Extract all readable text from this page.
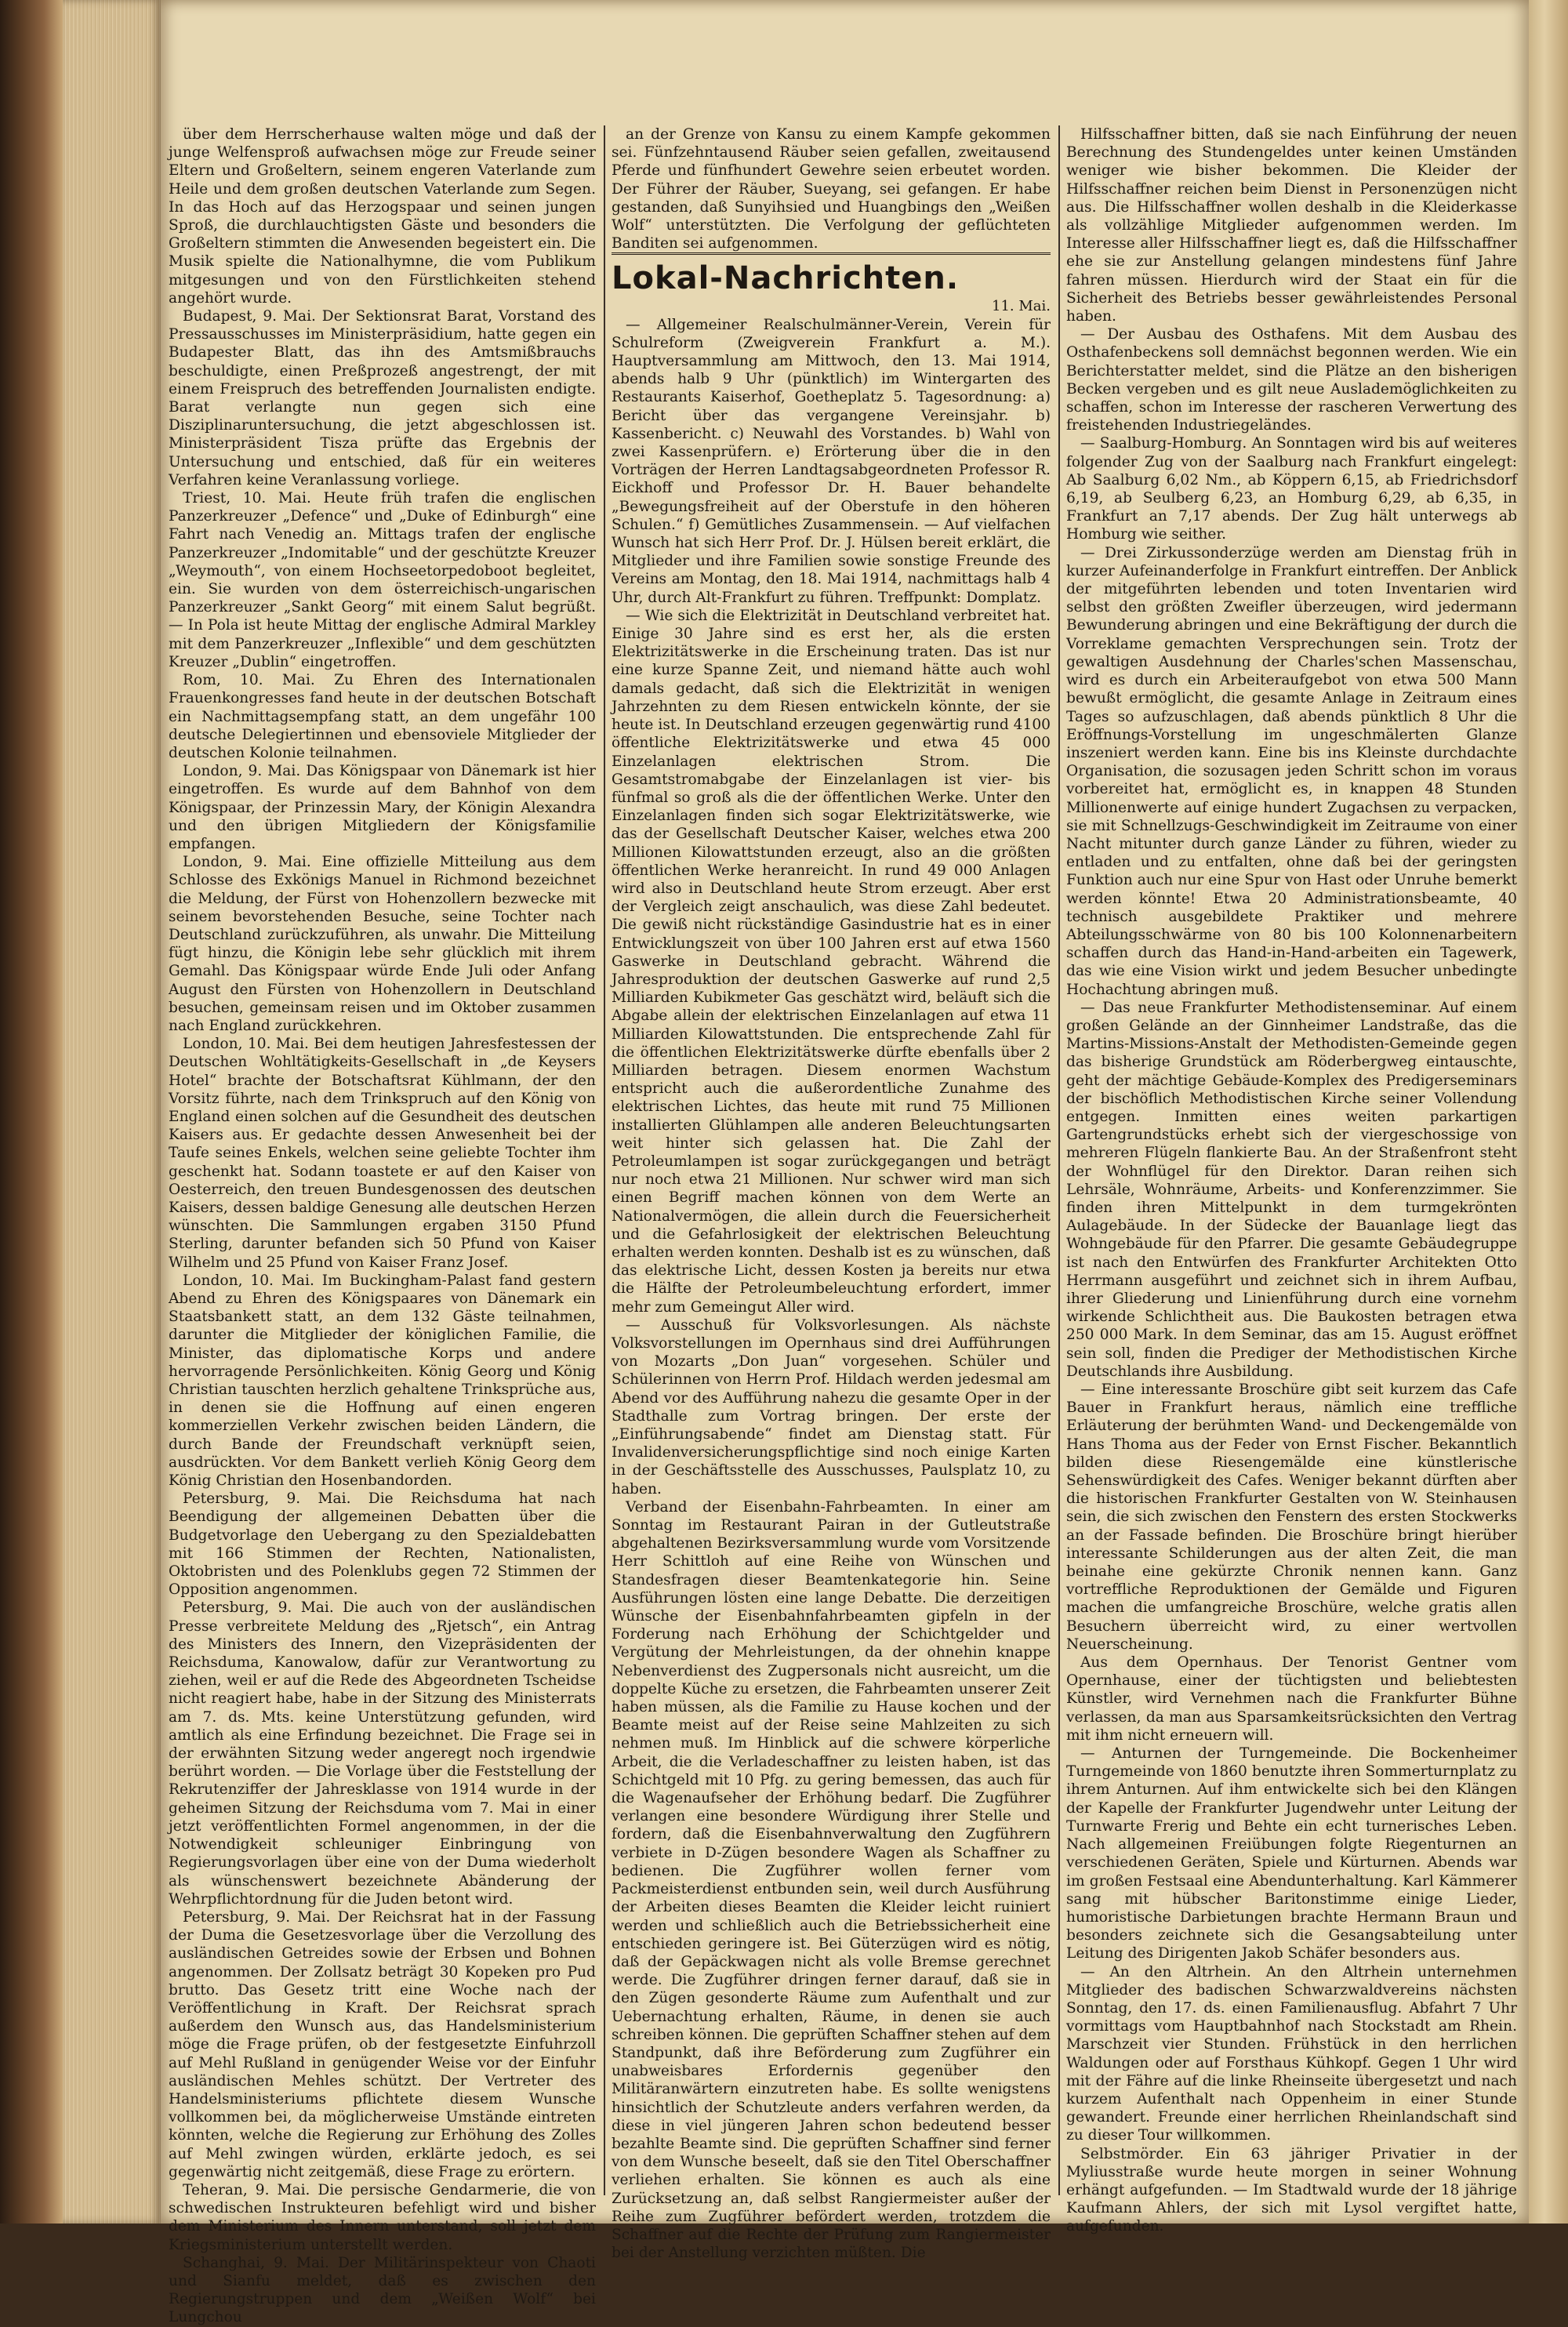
über dem Herrscherhause walten möge und daß der junge Welfensproß aufwachsen möge zur Freude seiner Eltern und Großeltern, seinem engeren Vaterlande zum Heile und dem großen deutschen Vaterlande zum Segen. In das Hoch auf das Herzogspaar und seinen jungen Sproß, die durchlauchtigsten Gäste und besonders die Großeltern stimmten die Anwesenden begeistert ein. Die Musik spielte die Nationalhymne, die vom Publikum mitgesungen und von den Fürstlichkeiten stehend angehört wurde.

Budapest, 9. Mai. Der Sektionsrat Barat, Vorstand des Pressausschusses im Ministerpräsidium, hatte gegen ein Budapester Blatt, das ihn des Amtsmißbrauchs beschuldigte, einen Preßprozeß angestrengt, der mit einem Freispruch des betreffenden Journalisten endigte. Barat verlangte nun gegen sich eine Disziplinaruntersuchung, die jetzt abgeschlossen ist. Ministerpräsident Tisza prüfte das Ergebnis der Untersuchung und entschied, daß für ein weiteres Verfahren keine Veranlassung vorliege.

Triest, 10. Mai. Heute früh trafen die englischen Panzerkreuzer „Defence“ und „Duke of Edinburgh“ eine Fahrt nach Venedig an. Mittags trafen der englische Panzerkreuzer „Indomitable“ und der geschützte Kreuzer „Weymouth“, von einem Hochseetorpedoboot begleitet, ein. Sie wurden von dem österreichisch-ungarischen Panzerkreuzer „Sankt Georg“ mit einem Salut begrüßt. — In Pola ist heute Mittag der englische Admiral Markley mit dem Panzerkreuzer „Inflexible“ und dem geschützten Kreuzer „Dublin“ eingetroffen.

Rom, 10. Mai. Zu Ehren des Internationalen Frauenkongresses fand heute in der deutschen Botschaft ein Nachmittagsempfang statt, an dem ungefähr 100 deutsche Delegiertinnen und ebensoviele Mitglieder der deutschen Kolonie teilnahmen.

London, 9. Mai. Das Königspaar von Dänemark ist hier eingetroffen. Es wurde auf dem Bahnhof von dem Königspaar, der Prinzessin Mary, der Königin Alexandra und den übrigen Mitgliedern der Königsfamilie empfangen.

London, 9. Mai. Eine offizielle Mitteilung aus dem Schlosse des Exkönigs Manuel in Richmond bezeichnet die Meldung, der Fürst von Hohenzollern bezwecke mit seinem bevorstehenden Besuche, seine Tochter nach Deutschland zurückzuführen, als unwahr. Die Mitteilung fügt hinzu, die Königin lebe sehr glücklich mit ihrem Gemahl. Das Königspaar würde Ende Juli oder Anfang August den Fürsten von Hohenzollern in Deutschland besuchen, gemeinsam reisen und im Oktober zusammen nach England zurückkehren.

London, 10. Mai. Bei dem heutigen Jahresfestessen der Deutschen Wohltätigkeits-Gesellschaft in „de Keysers Hotel“ brachte der Botschaftsrat Kühlmann, der den Vorsitz führte, nach dem Trinkspruch auf den König von England einen solchen auf die Gesundheit des deutschen Kaisers aus. Er gedachte dessen Anwesenheit bei der Taufe seines Enkels, welchen seine geliebte Tochter ihm geschenkt hat. Sodann toastete er auf den Kaiser von Oesterreich, den treuen Bundesgenossen des deutschen Kaisers, dessen baldige Genesung alle deutschen Herzen wünschten. Die Sammlungen ergaben 3150 Pfund Sterling, darunter befanden sich 50 Pfund von Kaiser Wilhelm und 25 Pfund von Kaiser Franz Josef.

London, 10. Mai. Im Buckingham-Palast fand gestern Abend zu Ehren des Königspaares von Dänemark ein Staatsbankett statt, an dem 132 Gäste teilnahmen, darunter die Mitglieder der königlichen Familie, die Minister, das diplomatische Korps und andere hervorragende Persönlichkeiten. König Georg und König Christian tauschten herzlich gehaltene Trinksprüche aus, in denen sie die Hoffnung auf einen engeren kommerziellen Verkehr zwischen beiden Ländern, die durch Bande der Freundschaft verknüpft seien, ausdrückten. Vor dem Bankett verlieh König Georg dem König Christian den Hosenbandorden.

Petersburg, 9. Mai. Die Reichsduma hat nach Beendigung der allgemeinen Debatten über die Budgetvorlage den Uebergang zu den Spezialdebatten mit 166 Stimmen der Rechten, Nationalisten, Oktobristen und des Polenklubs gegen 72 Stimmen der Opposition angenommen.

Petersburg, 9. Mai. Die auch von der ausländischen Presse verbreitete Meldung des „Rjetsch“, ein Antrag des Ministers des Innern, den Vizepräsidenten der Reichsduma, Kanowalow, dafür zur Verantwortung zu ziehen, weil er auf die Rede des Abgeordneten Tscheidse nicht reagiert habe, habe in der Sitzung des Ministerrats am 7. ds. Mts. keine Unterstützung gefunden, wird amtlich als eine Erfindung bezeichnet. Die Frage sei in der erwähnten Sitzung weder angeregt noch irgendwie berührt worden. — Die Vorlage über die Feststellung der Rekrutenziffer der Jahresklasse von 1914 wurde in der geheimen Sitzung der Reichsduma vom 7. Mai in einer jetzt veröffentlichten Formel angenommen, in der die Notwendigkeit schleuniger Einbringung von Regierungsvorlagen über eine von der Duma wiederholt als wünschenswert bezeichnete Abänderung der Wehrpflichtordnung für die Juden betont wird.

Petersburg, 9. Mai. Der Reichsrat hat in der Fassung der Duma die Gesetzesvorlage über die Verzollung des ausländischen Getreides sowie der Erbsen und Bohnen angenommen. Der Zollsatz beträgt 30 Kopeken pro Pud brutto. Das Gesetz tritt eine Woche nach der Veröffentlichung in Kraft. Der Reichsrat sprach außerdem den Wunsch aus, das Handelsministerium möge die Frage prüfen, ob der festgesetzte Einfuhrzoll auf Mehl Rußland in genügender Weise vor der Einfuhr ausländischen Mehles schützt. Der Vertreter des Handelsministeriums pflichtete diesem Wunsche vollkommen bei, da möglicherweise Umstände eintreten könnten, welche die Regierung zur Erhöhung des Zolles auf Mehl zwingen würden, erklärte jedoch, es sei gegenwärtig nicht zeitgemäß, diese Frage zu erörtern.

Teheran, 9. Mai. Die persische Gendarmerie, die von schwedischen Instrukteuren befehligt wird und bisher dem Ministerium des Innern unterstand, soll jetzt dem Kriegsministerium unterstellt werden.

Schanghai, 9. Mai. Der Militärinspekteur von Chaoti und Sianfu meldet, daß es zwischen den Regierungstruppen und dem „Weißen Wolf“ bei Lungchou

an der Grenze von Kansu zu einem Kampfe gekommen sei. Fünfzehntausend Räuber seien gefallen, zweitausend Pferde und fünfhundert Gewehre seien erbeutet worden. Der Führer der Räuber, Sueyang, sei gefangen. Er habe gestanden, daß Sunyihsied und Huangbings den „Weißen Wolf“ unterstützten. Die Verfolgung der geflüchteten Banditen sei aufgenommen.

Lokal-Nachrichten.
11. Mai.

— Allgemeiner Realschulmänner-Verein, Verein für Schulreform (Zweigverein Frankfurt a. M.). Hauptversammlung am Mittwoch, den 13. Mai 1914, abends halb 9 Uhr (pünktlich) im Wintergarten des Restaurants Kaiserhof, Goetheplatz 5. Tagesordnung: a) Bericht über das vergangene Vereinsjahr. b) Kassenbericht. c) Neuwahl des Vorstandes. b) Wahl von zwei Kassenprüfern. e) Erörterung über die in den Vorträgen der Herren Landtagsabgeordneten Professor R. Eickhoff und Professor Dr. H. Bauer behandelte „Bewegungsfreiheit auf der Oberstufe in den höheren Schulen.“ f) Gemütliches Zusammensein. — Auf vielfachen Wunsch hat sich Herr Prof. Dr. J. Hülsen bereit erklärt, die Mitglieder und ihre Familien sowie sonstige Freunde des Vereins am Montag, den 18. Mai 1914, nachmittags halb 4 Uhr, durch Alt-Frankfurt zu führen. Treffpunkt: Domplatz.

— Wie sich die Elektrizität in Deutschland verbreitet hat. Einige 30 Jahre sind es erst her, als die ersten Elektrizitätswerke in die Erscheinung traten. Das ist nur eine kurze Spanne Zeit, und niemand hätte auch wohl damals gedacht, daß sich die Elektrizität in wenigen Jahrzehnten zu dem Riesen entwickeln könnte, der sie heute ist. In Deutschland erzeugen gegenwärtig rund 4100 öffentliche Elektrizitätswerke und etwa 45 000 Einzelanlagen elektrischen Strom. Die Gesamtstromabgabe der Einzelanlagen ist vier- bis fünfmal so groß als die der öffentlichen Werke. Unter den Einzelanlagen finden sich sogar Elektrizitätswerke, wie das der Gesellschaft Deutscher Kaiser, welches etwa 200 Millionen Kilowattstunden erzeugt, also an die größten öffentlichen Werke heranreicht. In rund 49 000 Anlagen wird also in Deutschland heute Strom erzeugt. Aber erst der Vergleich zeigt anschaulich, was diese Zahl bedeutet. Die gewiß nicht rückständige Gasindustrie hat es in einer Entwicklungszeit von über 100 Jahren erst auf etwa 1560 Gaswerke in Deutschland gebracht. Während die Jahresproduktion der deutschen Gaswerke auf rund 2,5 Milliarden Kubikmeter Gas geschätzt wird, beläuft sich die Abgabe allein der elektrischen Einzelanlagen auf etwa 11 Milliarden Kilowattstunden. Die entsprechende Zahl für die öffentlichen Elektrizitätswerke dürfte ebenfalls über 2 Milliarden betragen. Diesem enormen Wachstum entspricht auch die außerordentliche Zunahme des elektrischen Lichtes, das heute mit rund 75 Millionen installierten Glühlampen alle anderen Beleuchtungsarten weit hinter sich gelassen hat. Die Zahl der Petroleumlampen ist sogar zurückgegangen und beträgt nur noch etwa 21 Millionen. Nur schwer wird man sich einen Begriff machen können von dem Werte an Nationalvermögen, die allein durch die Feuersicherheit und die Gefahrlosigkeit der elektrischen Beleuchtung erhalten werden konnten. Deshalb ist es zu wünschen, daß das elektrische Licht, dessen Kosten ja bereits nur etwa die Hälfte der Petroleumbeleuchtung erfordert, immer mehr zum Gemeingut Aller wird.

— Ausschuß für Volksvorlesungen. Als nächste Volksvorstellungen im Opernhaus sind drei Aufführungen von Mozarts „Don Juan“ vorgesehen. Schüler und Schülerinnen von Herrn Prof. Hildach werden jedesmal am Abend vor des Aufführung nahezu die gesamte Oper in der Stadthalle zum Vortrag bringen. Der erste der „Einführungsabende“ findet am Dienstag statt. Für Invalidenversicherungspflichtige sind noch einige Karten in der Geschäftsstelle des Ausschusses, Paulsplatz 10, zu haben.

Verband der Eisenbahn-Fahrbeamten. In einer am Sonntag im Restaurant Pairan in der Gutleutstraße abgehaltenen Bezirksversammlung wurde vom Vorsitzende Herr Schittloh auf eine Reihe von Wünschen und Standesfragen dieser Beamtenkategorie hin. Seine Ausführungen lösten eine lange Debatte. Die derzeitigen Wünsche der Eisenbahnfahrbeamten gipfeln in der Forderung nach Erhöhung der Schichtgelder und Vergütung der Mehrleistungen, da der ohnehin knappe Nebenverdienst des Zugpersonals nicht ausreicht, um die doppelte Küche zu ersetzen, die Fahrbeamten unserer Zeit haben müssen, als die Familie zu Hause kochen und der Beamte meist auf der Reise seine Mahlzeiten zu sich nehmen muß. Im Hinblick auf die schwere körperliche Arbeit, die die Verladeschaffner zu leisten haben, ist das Schichtgeld mit 10 Pfg. zu gering bemessen, das auch für die Wagenaufseher der Erhöhung bedarf. Die Zugführer verlangen eine besondere Würdigung ihrer Stelle und fordern, daß die Eisenbahnverwaltung den Zugführern verbiete in D-Zügen besondere Wagen als Schaffner zu bedienen. Die Zugführer wollen ferner vom Packmeisterdienst entbunden sein, weil durch Ausführung der Arbeiten dieses Beamten die Kleider leicht ruiniert werden und schließlich auch die Betriebssicherheit eine entschieden geringere ist. Bei Güterzügen wird es nötig, daß der Gepäckwagen nicht als volle Bremse gerechnet werde. Die Zugführer dringen ferner darauf, daß sie in den Zügen gesonderte Räume zum Aufenthalt und zur Uebernachtung erhalten, Räume, in denen sie auch schreiben können. Die geprüften Schaffner stehen auf dem Standpunkt, daß ihre Beförderung zum Zugführer ein unabweisbares Erfordernis gegenüber den Militäranwärtern einzutreten habe. Es sollte wenigstens hinsichtlich der Schutzleute anders verfahren werden, da diese in viel jüngeren Jahren schon bedeutend besser bezahlte Beamte sind. Die geprüften Schaffner sind ferner von dem Wunsche beseelt, daß sie den Titel Oberschaffner verliehen erhalten. Sie können es auch als eine Zurücksetzung an, daß selbst Rangiermeister außer der Reihe zum Zugführer befördert werden, trotzdem die Schaffner auf die Rechte der Prüfung zum Rangiermeister bei der Anstellung verzichten müßten. Die

Hilfsschaffner bitten, daß sie nach Einführung der neuen Berechnung des Stundengeldes unter keinen Umständen weniger wie bisher bekommen. Die Kleider der Hilfsschaffner reichen beim Dienst in Personenzügen nicht aus. Die Hilfsschaffner wollen deshalb in die Kleiderkasse als vollzählige Mitglieder aufgenommen werden. Im Interesse aller Hilfsschaffner liegt es, daß die Hilfsschaffner ehe sie zur Anstellung gelangen mindestens fünf Jahre fahren müssen. Hierdurch wird der Staat ein für die Sicherheit des Betriebs besser gewährleistendes Personal haben.

— Der Ausbau des Osthafens. Mit dem Ausbau des Osthafenbeckens soll demnächst begonnen werden. Wie ein Berichterstatter meldet, sind die Plätze an den bisherigen Becken vergeben und es gilt neue Auslademöglichkeiten zu schaffen, schon im Interesse der rascheren Verwertung des freistehenden Industriegeländes.

— Saalburg-Homburg. An Sonntagen wird bis auf weiteres folgender Zug von der Saalburg nach Frankfurt eingelegt: Ab Saalburg 6,02 Nm., ab Köppern 6,15, ab Friedrichsdorf 6,19, ab Seulberg 6,23, an Homburg 6,29, ab 6,35, in Frankfurt an 7,17 abends. Der Zug hält unterwegs ab Homburg wie seither.

— Drei Zirkussonderzüge werden am Dienstag früh in kurzer Aufeinanderfolge in Frankfurt eintreffen. Der Anblick der mitgeführten lebenden und toten Inventarien wird selbst den größten Zweifler überzeugen, wird jedermann Bewunderung abringen und eine Bekräftigung der durch die Vorreklame gemachten Versprechungen sein. Trotz der gewaltigen Ausdehnung der Charles'schen Massenschau, wird es durch ein Arbeiteraufgebot von etwa 500 Mann bewußt ermöglicht, die gesamte Anlage in Zeitraum eines Tages so aufzuschlagen, daß abends pünktlich 8 Uhr die Eröffnungs-Vorstellung im ungeschmälerten Glanze inszeniert werden kann. Eine bis ins Kleinste durchdachte Organisation, die sozusagen jeden Schritt schon im voraus vorbereitet hat, ermöglicht es, in knappen 48 Stunden Millionenwerte auf einige hundert Zugachsen zu verpacken, sie mit Schnellzugs-Geschwindigkeit im Zeitraume von einer Nacht mitunter durch ganze Länder zu führen, wieder zu entladen und zu entfalten, ohne daß bei der geringsten Funktion auch nur eine Spur von Hast oder Unruhe bemerkt werden könnte! Etwa 20 Administrationsbeamte, 40 technisch ausgebildete Praktiker und mehrere Abteilungsschwärme von 80 bis 100 Kolonnenarbeitern schaffen durch das Hand-in-Hand-arbeiten ein Tagewerk, das wie eine Vision wirkt und jedem Besucher unbedingte Hochachtung abringen muß.

— Das neue Frankfurter Methodistenseminar. Auf einem großen Gelände an der Ginnheimer Landstraße, das die Martins-Missions-Anstalt der Methodisten-Gemeinde gegen das bisherige Grundstück am Röderbergweg eintauschte, geht der mächtige Gebäude-Komplex des Predigerseminars der bischöflich Methodistischen Kirche seiner Vollendung entgegen. Inmitten eines weiten parkartigen Gartengrundstücks erhebt sich der viergeschossige von mehreren Flügeln flankierte Bau. An der Straßenfront steht der Wohnflügel für den Direktor. Daran reihen sich Lehrsäle, Wohnräume, Arbeits- und Konferenzzimmer. Sie finden ihren Mittelpunkt in dem turmgekrönten Aulagebäude. In der Südecke der Bauanlage liegt das Wohngebäude für den Pfarrer. Die gesamte Gebäudegruppe ist nach den Entwürfen des Frankfurter Architekten Otto Herrmann ausgeführt und zeichnet sich in ihrem Aufbau, ihrer Gliederung und Linienführung durch eine vornehm wirkende Schlichtheit aus. Die Baukosten betragen etwa 250 000 Mark. In dem Seminar, das am 15. August eröffnet sein soll, finden die Prediger der Methodistischen Kirche Deutschlands ihre Ausbildung.

— Eine interessante Broschüre gibt seit kurzem das Cafe Bauer in Frankfurt heraus, nämlich eine treffliche Erläuterung der berühmten Wand- und Deckengemälde von Hans Thoma aus der Feder von Ernst Fischer. Bekanntlich bilden diese Riesengemälde eine künstlerische Sehenswürdigkeit des Cafes. Weniger bekannt dürften aber die historischen Frankfurter Gestalten von W. Steinhausen sein, die sich zwischen den Fenstern des ersten Stockwerks an der Fassade befinden. Die Broschüre bringt hierüber interessante Schilderungen aus der alten Zeit, die man beinahe eine gekürzte Chronik nennen kann. Ganz vortreffliche Reproduktionen der Gemälde und Figuren machen die umfangreiche Broschüre, welche gratis allen Besuchern überreicht wird, zu einer wertvollen Neuerscheinung.

Aus dem Opernhaus. Der Tenorist Gentner vom Opernhause, einer der tüchtigsten und beliebtesten Künstler, wird Vernehmen nach die Frankfurter Bühne verlassen, da man aus Sparsamkeitsrücksichten den Vertrag mit ihm nicht erneuern will.

— Anturnen der Turngemeinde. Die Bockenheimer Turngemeinde von 1860 benutzte ihren Sommerturnplatz zu ihrem Anturnen. Auf ihm entwickelte sich bei den Klängen der Kapelle der Frankfurter Jugendwehr unter Leitung der Turnwarte Frerig und Behte ein echt turnerisches Leben. Nach allgemeinen Freiübungen folgte Riegenturnen an verschiedenen Geräten, Spiele und Kürturnen. Abends war im großen Festsaal eine Abendunterhaltung. Karl Kämmerer sang mit hübscher Baritonstimme einige Lieder, humoristische Darbietungen brachte Hermann Braun und besonders zeichnete sich die Gesangsabteilung unter Leitung des Dirigenten Jakob Schäfer besonders aus.

— An den Altrhein. An den Altrhein unternehmen Mitglieder des badischen Schwarzwaldvereins nächsten Sonntag, den 17. ds. einen Familienausflug. Abfahrt 7 Uhr vormittags vom Hauptbahnhof nach Stockstadt am Rhein. Marschzeit vier Stunden. Frühstück in den herrlichen Waldungen oder auf Forsthaus Kühkopf. Gegen 1 Uhr wird mit der Fähre auf die linke Rheinseite übergesetzt und nach kurzem Aufenthalt nach Oppenheim in einer Stunde gewandert. Freunde einer herrlichen Rheinlandschaft sind zu dieser Tour willkommen.

Selbstmörder. Ein 63 jähriger Privatier in der Myliusstraße wurde heute morgen in seiner Wohnung erhängt aufgefunden. — Im Stadtwald wurde der 18 jährige Kaufmann Ahlers, der sich mit Lysol vergiftet hatte, aufgefunden.
